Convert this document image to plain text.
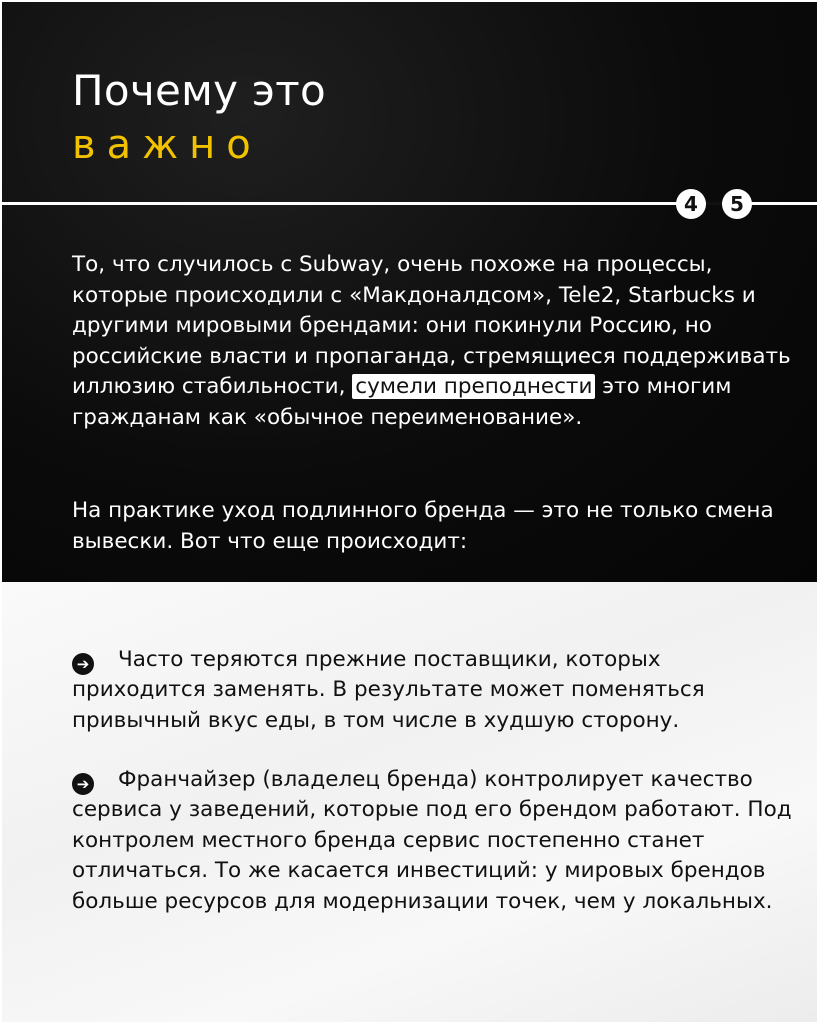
Почему это
важно
4	5

То, что случилось с Subway, очень похоже на процессы, которые происходили с «Макдоналдсом», Tele2, Starbucks и другими мировыми брендами: они покинули Россию, но российские власти и пропаганда, стремящиеся поддерживать иллюзию стабильности, сумели преподнести это многим гражданам как «обычное переименование».

На практике уход подлинного бренда — это не только смена вывески. Вот что еще происходит:

➔ Часто теряются прежние поставщики, которых приходится заменять. В результате может поменяться привычный вкус еды, в том числе в худшую сторону.

➔ Франчайзер (владелец бренда) контролирует качество сервиса у заведений, которые под его брендом работают. Под контролем местного бренда сервис постепенно станет отличаться. То же касается инвестиций: у мировых брендов больше ресурсов для модернизации точек, чем у локальных.
